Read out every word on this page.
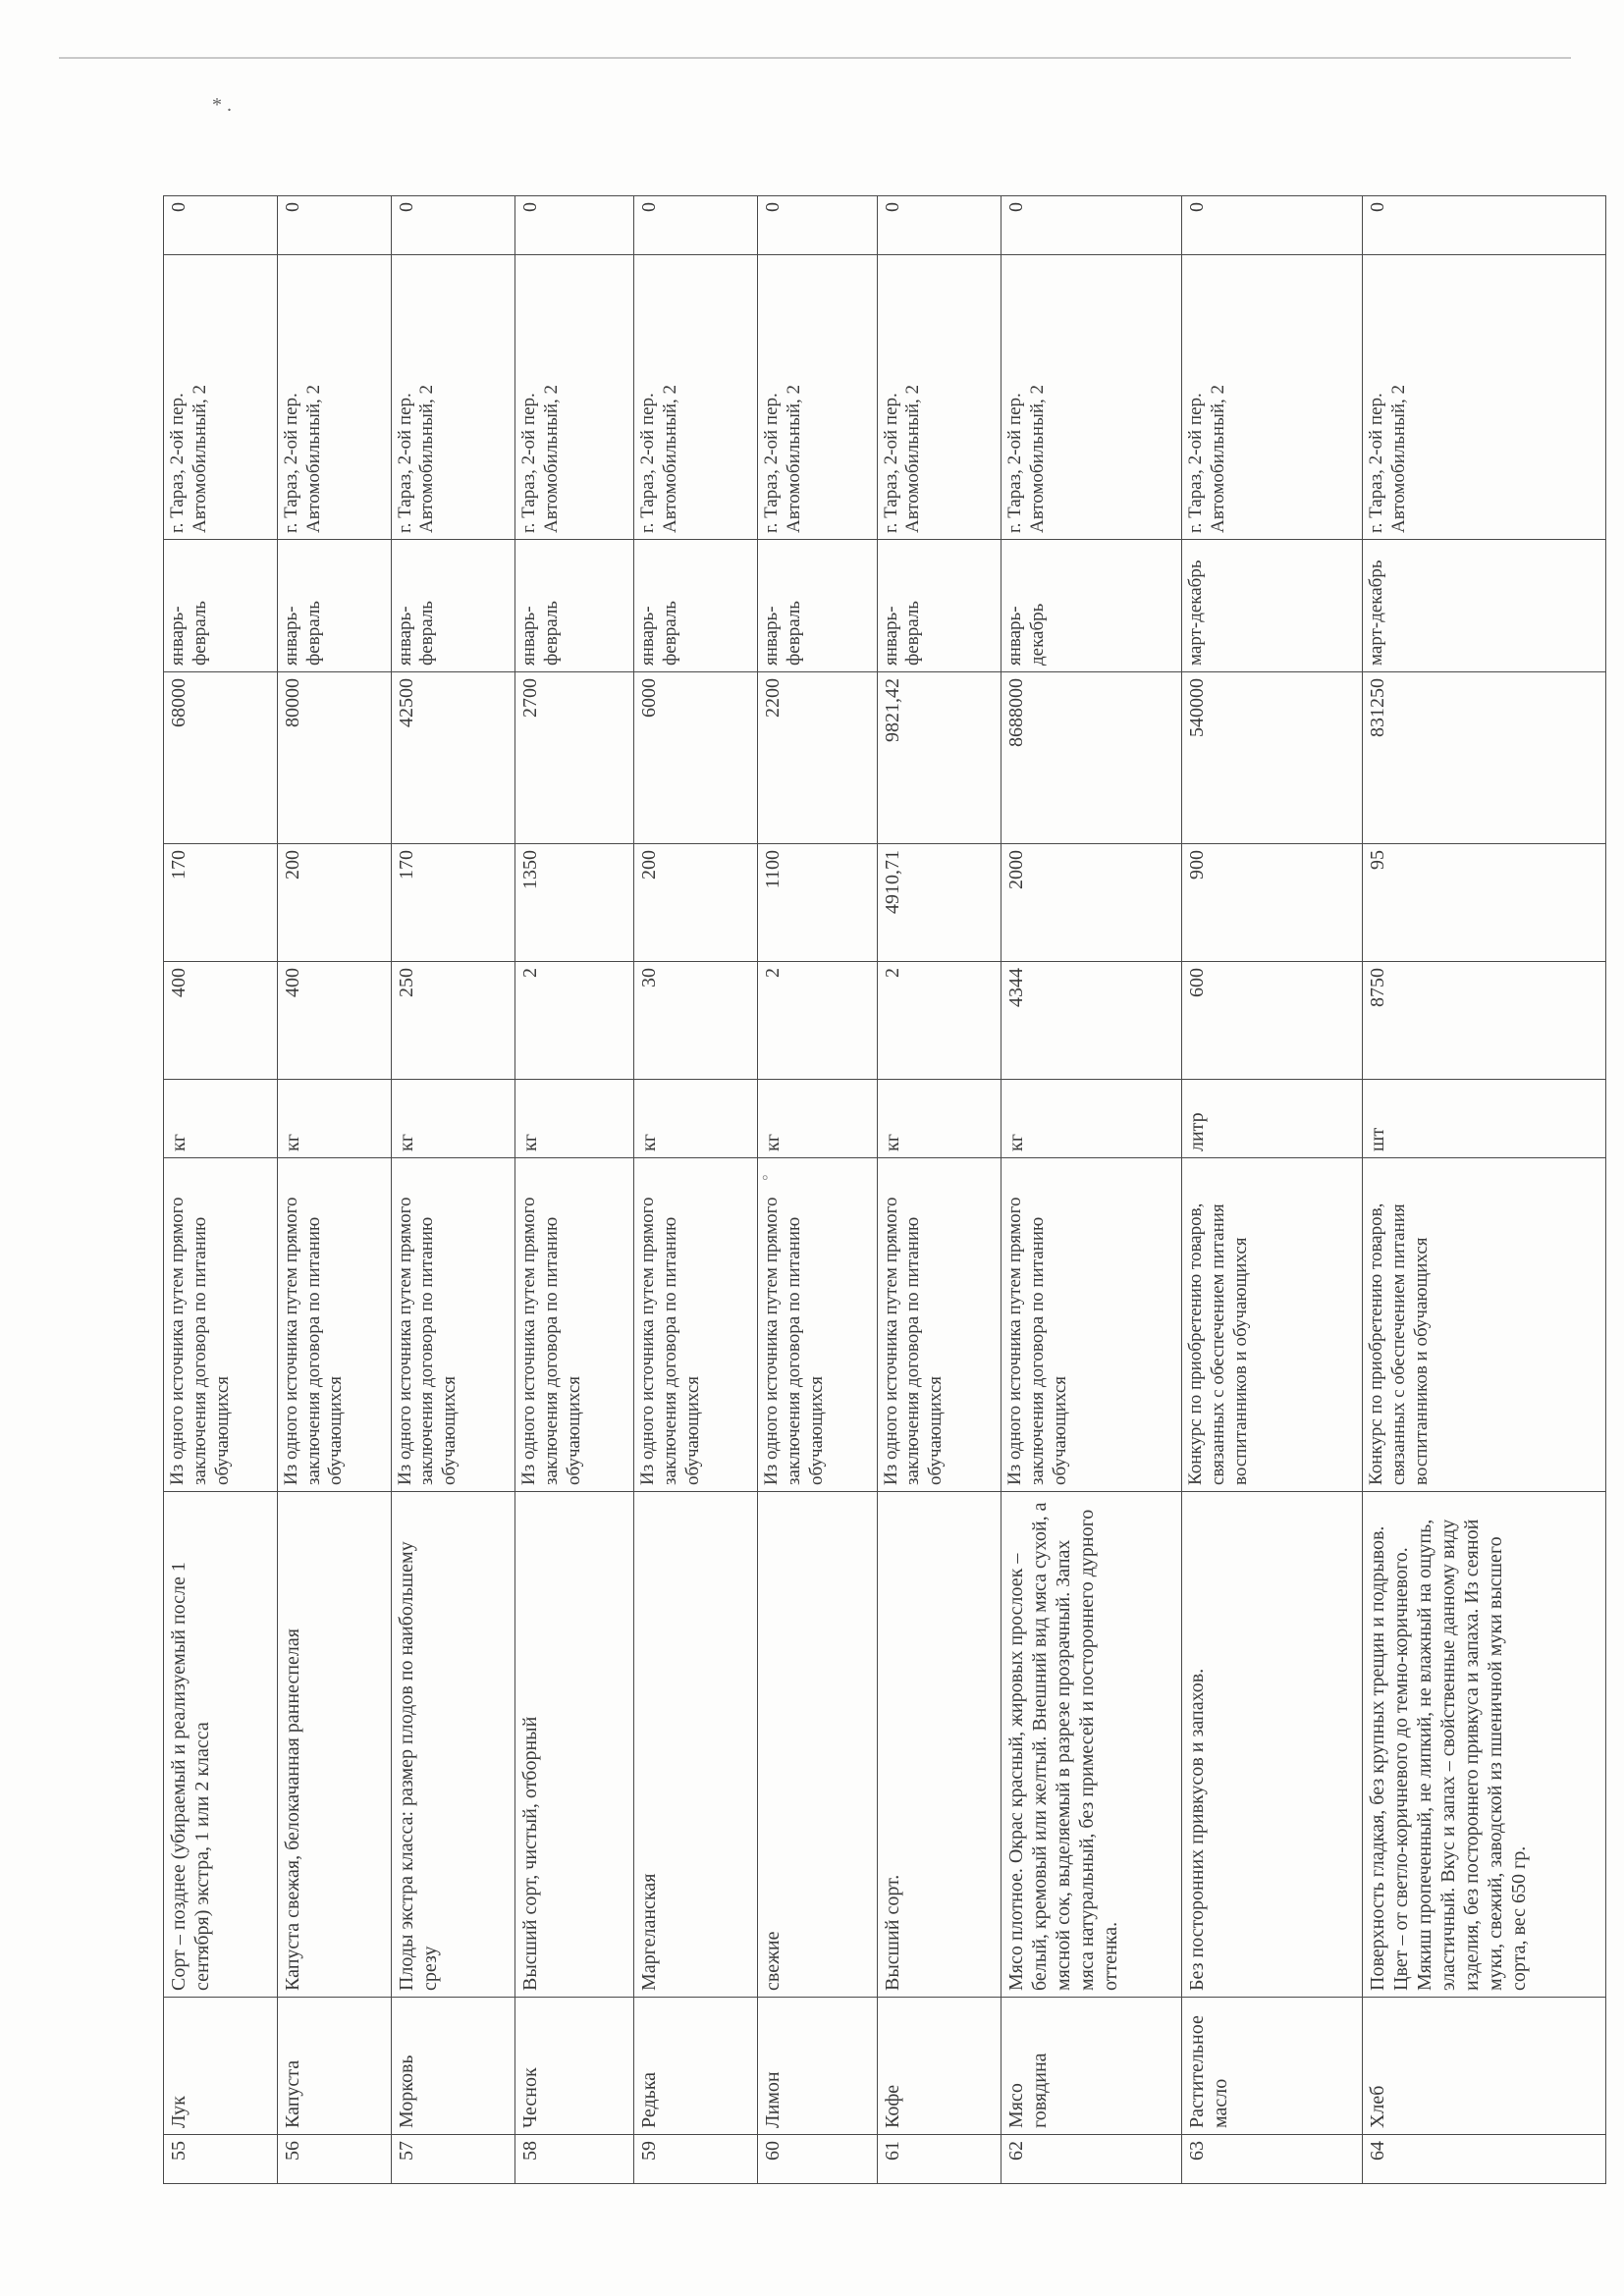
* .
55	Лук	Сорт – позднее (убираемый и реализуемый после 1 сентября) экстра, 1 или 2 класса	Из одного источника путем прямого заключения договора по питанию обучающихся	кг	400	170	68000	январь-февраль	г. Тараз, 2-ой пер. Автомобильный, 2	0
56	Капуста	Капуста свежая, белокачанная раннеспелая	Из одного источника путем прямого заключения договора по питанию обучающихся	кг	400	200	80000	январь-февраль	г. Тараз, 2-ой пер. Автомобильный, 2	0
57	Морковь	Плоды экстра класса: размер плодов по наибольшему срезу	Из одного источника путем прямого заключения договора по питанию обучающихся	кг	250	170	42500	январь-февраль	г. Тараз, 2-ой пер. Автомобильный, 2	0
58	Чеснок	Высший сорт, чистый, отборный	Из одного источника путем прямого заключения договора по питанию обучающихся	кг	2	1350	2700	январь-февраль	г. Тараз, 2-ой пер. Автомобильный, 2	0
59	Редька	Маргеланская	Из одного источника путем прямого заключения договора по питанию обучающихся	кг	30	200	6000	январь-февраль	г. Тараз, 2-ой пер. Автомобильный, 2	0
60	Лимон	свежие	Из одного источника путем прямого заключения договора по питанию обучающихся	кг	2	1100	2200	январь-февраль	г. Тараз, 2-ой пер. Автомобильный, 2	0
61	Кофе	Высший сорт.	Из одного источника путем прямого заключения договора по питанию обучающихся	кг	2	4910,71	9821,42	январь-февраль	г. Тараз, 2-ой пер. Автомобильный, 2	0
62	Мясо говядина	Мясо плотное. Окрас красный, жировых прослоек – белый, кремовый или желтый. Внешний вид мяса сухой, а мясной сок, выделяемый в разрезе прозрачный. Запах мяса натуральный, без примесей и постороннего дурного оттенка.	Из одного источника путем прямого заключения договора по питанию обучающихся	кг	4344	2000	8688000	январь-декабрь	г. Тараз, 2-ой пер. Автомобильный, 2	0
63	Растительное масло	Без посторонних привкусов и запахов.	Конкурс по приобретению товаров, связанных с обеспечением питания воспитанников и обучающихся	литр	600	900	540000	март-декабрь	г. Тараз, 2-ой пер. Автомобильный, 2	0
64	Хлеб	Поверхность гладкая, без крупных трещин и подрывов. Цвет – от светло-коричневого до темно-коричневого. Мякиш пропеченный, не липкий, не влажный на ощупь, эластичный. Вкус и запах – свойственные данному виду изделия, без постороннего привкуса и запаха. Из сеяной муки, свежий, заводской из пшеничной муки высшего сорта, вес 650 гр.	Конкурс по приобретению товаров, связанных с обеспечением питания воспитанников и обучающихся	шт	8750	95	831250	март-декабрь	г. Тараз, 2-ой пер. Автомобильный, 2	0
°
